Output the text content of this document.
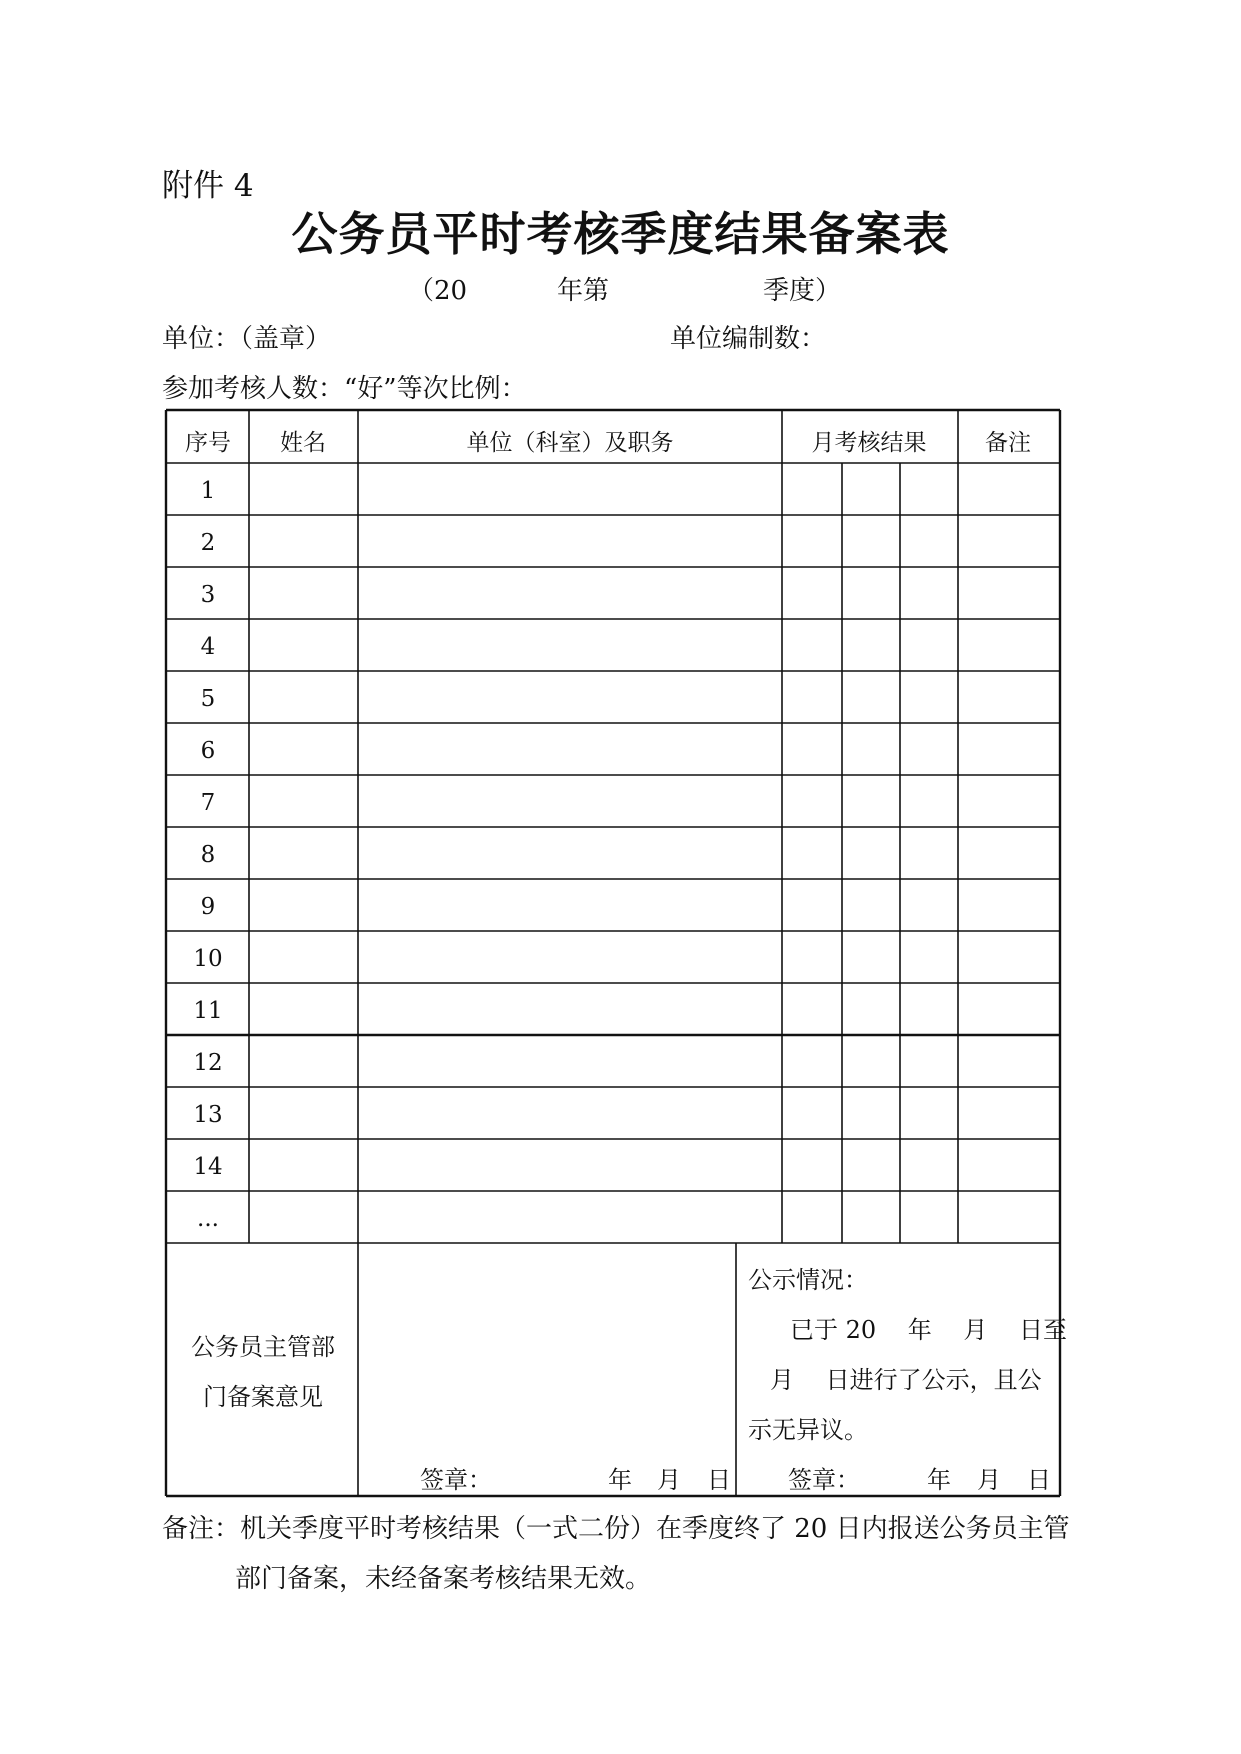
附件 4
公务员平时考核季度结果备案表
（20	年第	季度）
单位：（盖章）	单位编制数：
参加考核人数：“好”等次比例：
序号	姓名	单位（科室）及职务	月考核结果	备注
1
2
3
4
5
6
7
8
9
10
11
12
13
14
...
公务员主管部
门备案意见
签章：	年 月 日
公示情况：
已于 20　 年　 月　 日至
月　 日进行了公示，且公
示无异议。
签章：	年 月 日
备注：机关季度平时考核结果（一式二份）在季度终了 20 日内报送公务员主管
部门备案，未经备案考核结果无效。
